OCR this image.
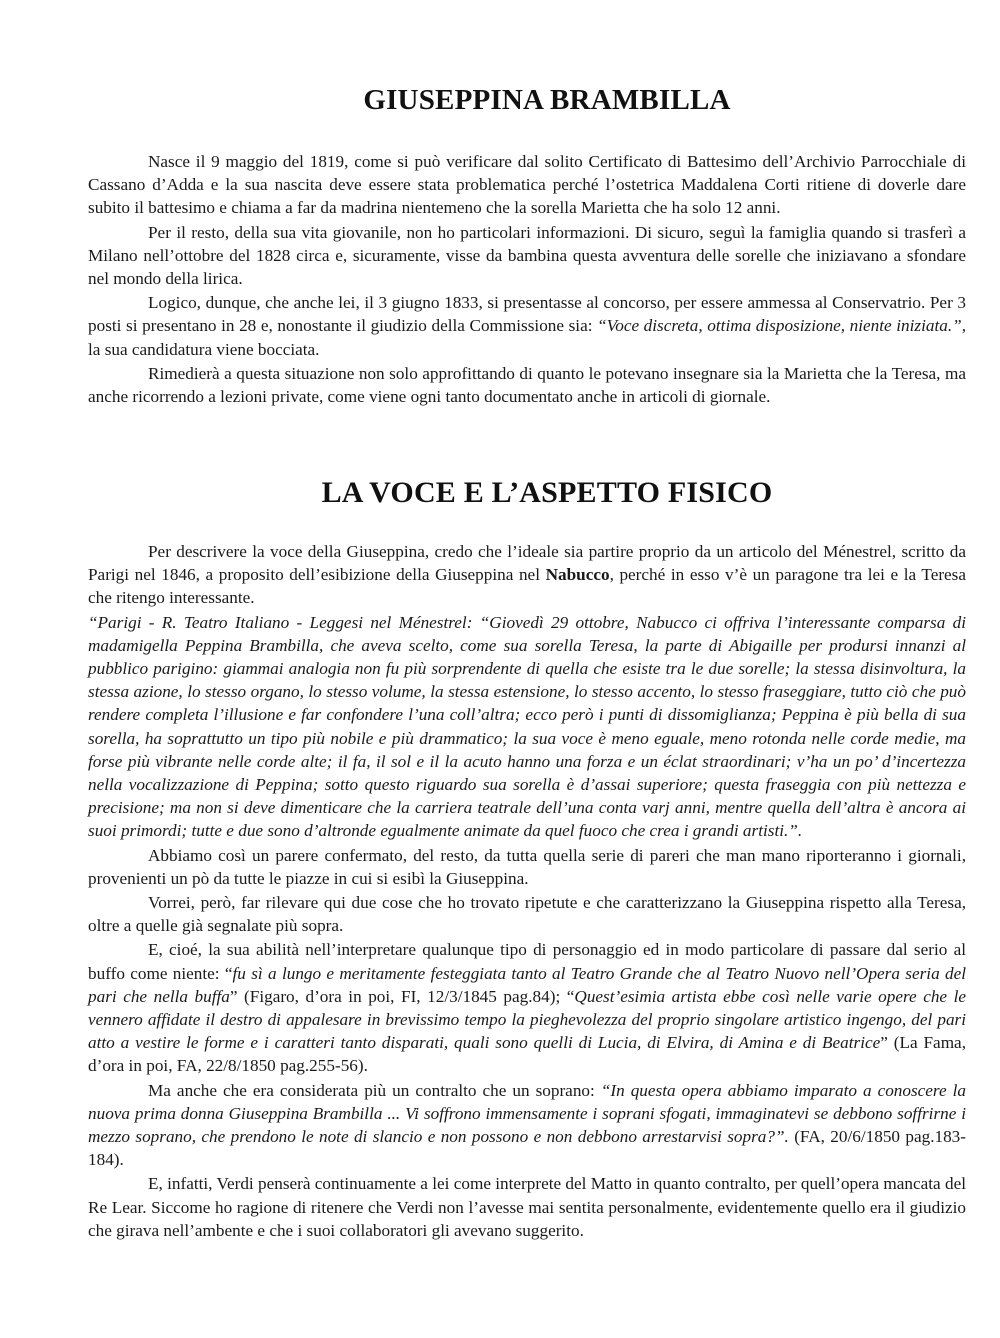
GIUSEPPINA BRAMBILLA

Nasce il 9 maggio del 1819, come si può verificare dal solito Certificato di Battesimo dell’Archivio Parrocchiale di Cassano d’Adda e la sua nascita deve essere stata problematica perché l’ostetrica Maddalena Corti ritiene di doverle dare subito il battesimo e chiama a far da madrina nientemeno che la sorella Marietta che ha solo 12 anni.

Per il resto, della sua vita giovanile, non ho particolari informazioni. Di sicuro, seguì la famiglia quando si trasferì a Milano nell’ottobre del 1828 circa e, sicuramente, visse da bambina questa avventura delle sorelle che iniziavano a sfondare nel mondo della lirica.

Logico, dunque, che anche lei, il 3 giugno 1833, si presentasse al concorso, per essere ammessa al Conservatrio. Per 3 posti si presentano in 28 e, nonostante il giudizio della Commissione sia: “Voce discreta, ottima disposizione, niente iniziata.”, la sua candidatura viene bocciata.

Rimedierà a questa situazione non solo approfittando di quanto le potevano insegnare sia la Marietta che la Teresa, ma anche ricorrendo a lezioni private, come viene ogni tanto documentato anche in articoli di giornale.

LA VOCE E L’ASPETTO FISICO

Per descrivere la voce della Giuseppina, credo che l’ideale sia partire proprio da un articolo del Ménestrel, scritto da Parigi nel 1846, a proposito dell’esibizione della Giuseppina nel Nabucco, perché in esso v’è un paragone tra lei e la Teresa che ritengo interessante.

“Parigi - R. Teatro Italiano - Leggesi nel Ménestrel: “Giovedì 29 ottobre, Nabucco ci offriva l’interessante comparsa di madamigella Peppina Brambilla, che aveva scelto, come sua sorella Teresa, la parte di Abigaille per prodursi innanzi al pubblico parigino: giammai analogia non fu più sorprendente di quella che esiste tra le due sorelle; la stessa disinvoltura, la stessa azione, lo stesso organo, lo stesso volume, la stessa estensione, lo stesso accento, lo stesso fraseggiare, tutto ciò che può rendere completa l’illusione e far confondere l’una coll’altra; ecco però i punti di dissomiglianza; Peppina è più bella di sua sorella, ha soprattutto un tipo più nobile e più drammatico; la sua voce è meno eguale, meno rotonda nelle corde medie, ma forse più vibrante nelle corde alte; il fa, il sol e il la acuto hanno una forza e un éclat straordinari; v’ha un po’ d’incertezza nella vocalizzazione di Peppina; sotto questo riguardo sua sorella è d’assai superiore; questa fraseggia con più nettezza e precisione; ma non si deve dimenticare che la carriera teatrale dell’una conta varj anni, mentre quella dell’altra è ancora ai suoi primordi; tutte e due sono d’altronde egualmente animate da quel fuoco che crea i grandi artisti.”.

Abbiamo così un parere confermato, del resto, da tutta quella serie di pareri che man mano riporteranno i giornali, provenienti un pò da tutte le piazze in cui si esibì la Giuseppina.

Vorrei, però, far rilevare qui due cose che ho trovato ripetute e che caratterizzano la Giuseppina rispetto alla Teresa, oltre a quelle già segnalate più sopra.

E, cioé, la sua abilità nell’interpretare qualunque tipo di personaggio ed in modo particolare di passare dal serio al buffo come niente: “fu sì a lungo e meritamente festeggiata tanto al Teatro Grande che al Teatro Nuovo nell’Opera seria del pari che nella buffa” (Figaro, d’ora in poi, FI, 12/3/1845 pag.84); “Quest’esimia artista ebbe così nelle varie opere che le vennero affidate il destro di appalesare in brevissimo tempo la pieghevolezza del proprio singolare artistico ingengo, del pari atto a vestire le forme e i caratteri tanto disparati, quali sono quelli di Lucia, di Elvira, di Amina e di Beatrice” (La Fama, d’ora in poi, FA, 22/8/1850 pag.255-56).

Ma anche che era considerata più un contralto che un soprano: “In questa opera abbiamo imparato a conoscere la nuova prima donna Giuseppina Brambilla ... Vi soffrono immensamente i soprani sfogati, immaginatevi se debbono soffrirne i mezzo soprano, che prendono le note di slancio e non possono e non debbono arrestarvisi sopra?”. (FA, 20/6/1850 pag.183-184).

E, infatti, Verdi penserà continuamente a lei come interprete del Matto in quanto contralto, per quell’opera mancata del Re Lear. Siccome ho ragione di ritenere che Verdi non l’avesse mai sentita personalmente, evidentemente quello era il giudizio che girava nell’ambente e che i suoi collaboratori gli avevano suggerito.
